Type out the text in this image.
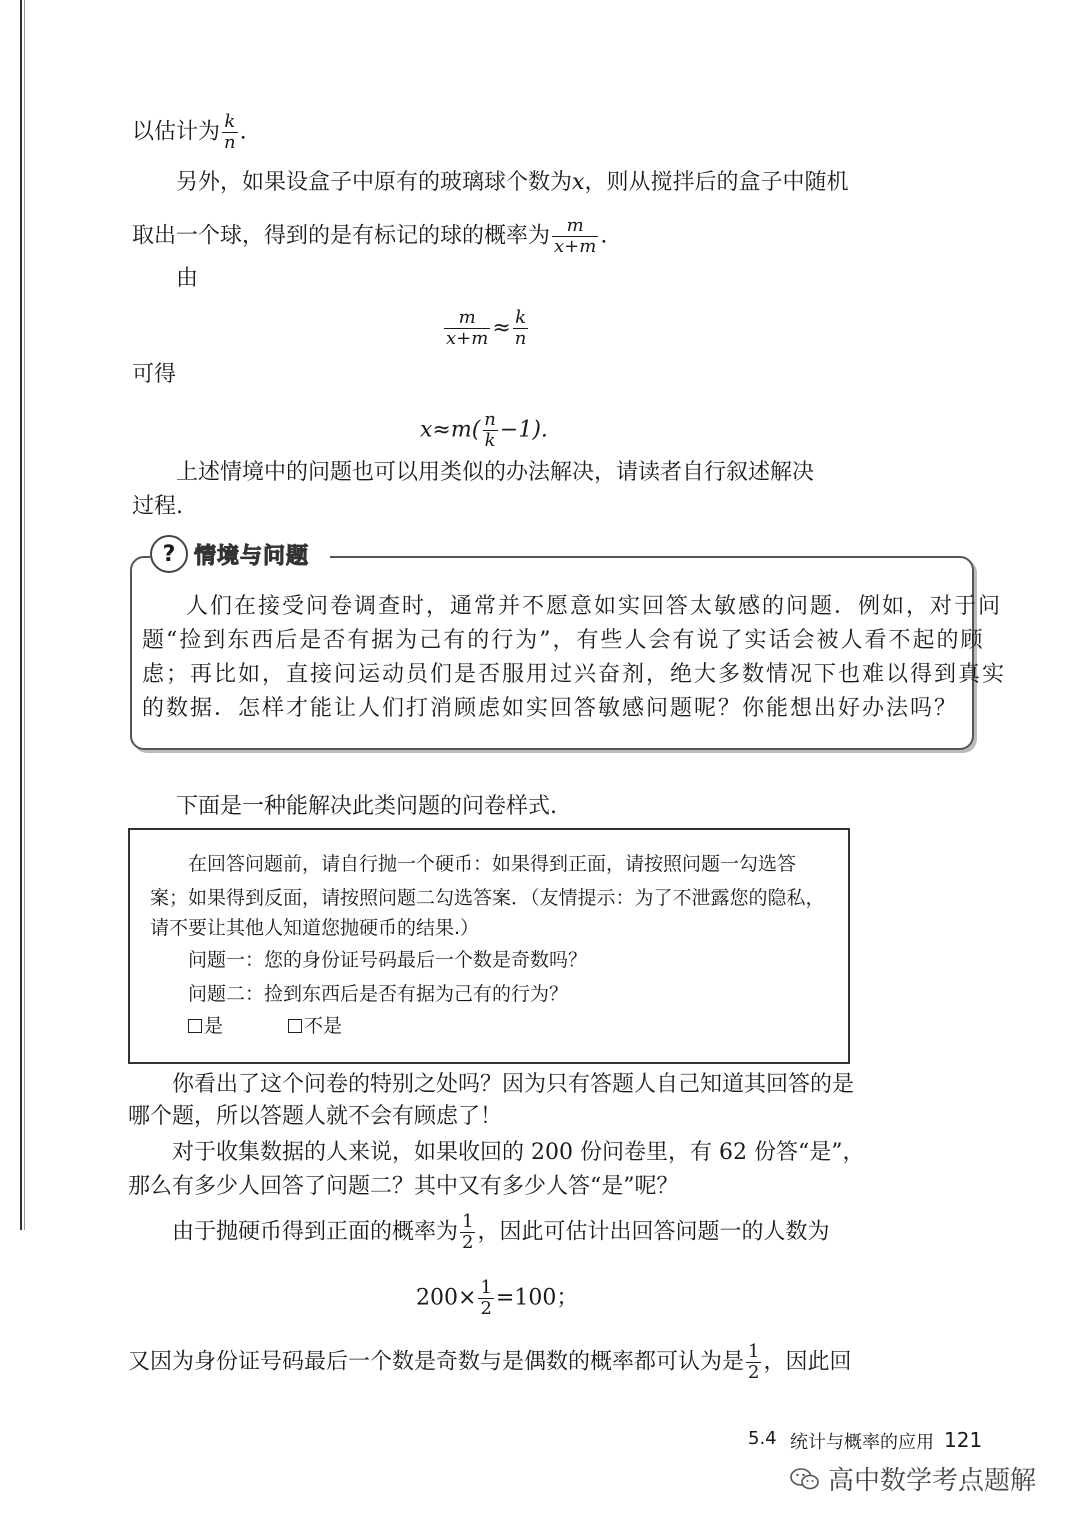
以估计为 $\frac{k}{n}$ .
另外，如果设盒子中原有的玻璃球个数为x，则从搅拌后的盒子中随机
取出一个球，得到的是有标记的球的概率为 $\frac{m}{x+m}$ .
由
$\frac{m}{x+m} \approx \frac{k}{n}$
可得
$x\approx m( \frac{n}{k} -1)$.
上述情境中的问题也可以用类似的办法解决，请读者自行叙述解决
过程.
? 情境与问题
人们在接受问卷调查时，通常并不愿意如实回答太敏感的问题．例如，对于问
题“捡到东西后是否有据为己有的行为”，有些人会有说了实话会被人看不起的顾
虑；再比如，直接问运动员们是否服用过兴奋剂，绝大多数情况下也难以得到真实
的数据．怎样才能让人们打消顾虑如实回答敏感问题呢？你能想出好办法吗？
下面是一种能解决此类问题的问卷样式.
在回答问题前，请自行抛一个硬币：如果得到正面，请按照问题一勾选答
案；如果得到反面，请按照问题二勾选答案．（友情提示：为了不泄露您的隐私，
请不要让其他人知道您抛硬币的结果.）
问题一：您的身份证号码最后一个数是奇数吗？
问题二：捡到东西后是否有据为己有的行为？
是	不是
你看出了这个问卷的特别之处吗？因为只有答题人自己知道其回答的是
哪个题，所以答题人就不会有顾虑了！
对于收集数据的人来说，如果收回的 200 份问卷里，有 62 份答“是”，
那么有多少人回答了问题二？其中又有多少人答“是”呢？
由于抛硬币得到正面的概率为 $\frac{1}{2}$ ，因此可估计出回答问题一的人数为
$200\times \frac{1}{2} =100$；
又因为身份证号码最后一个数是奇数与是偶数的概率都可认为是 $\frac{1}{2}$ ，因此回
5.4 统计与概率的应用 121
高中数学考点题解
